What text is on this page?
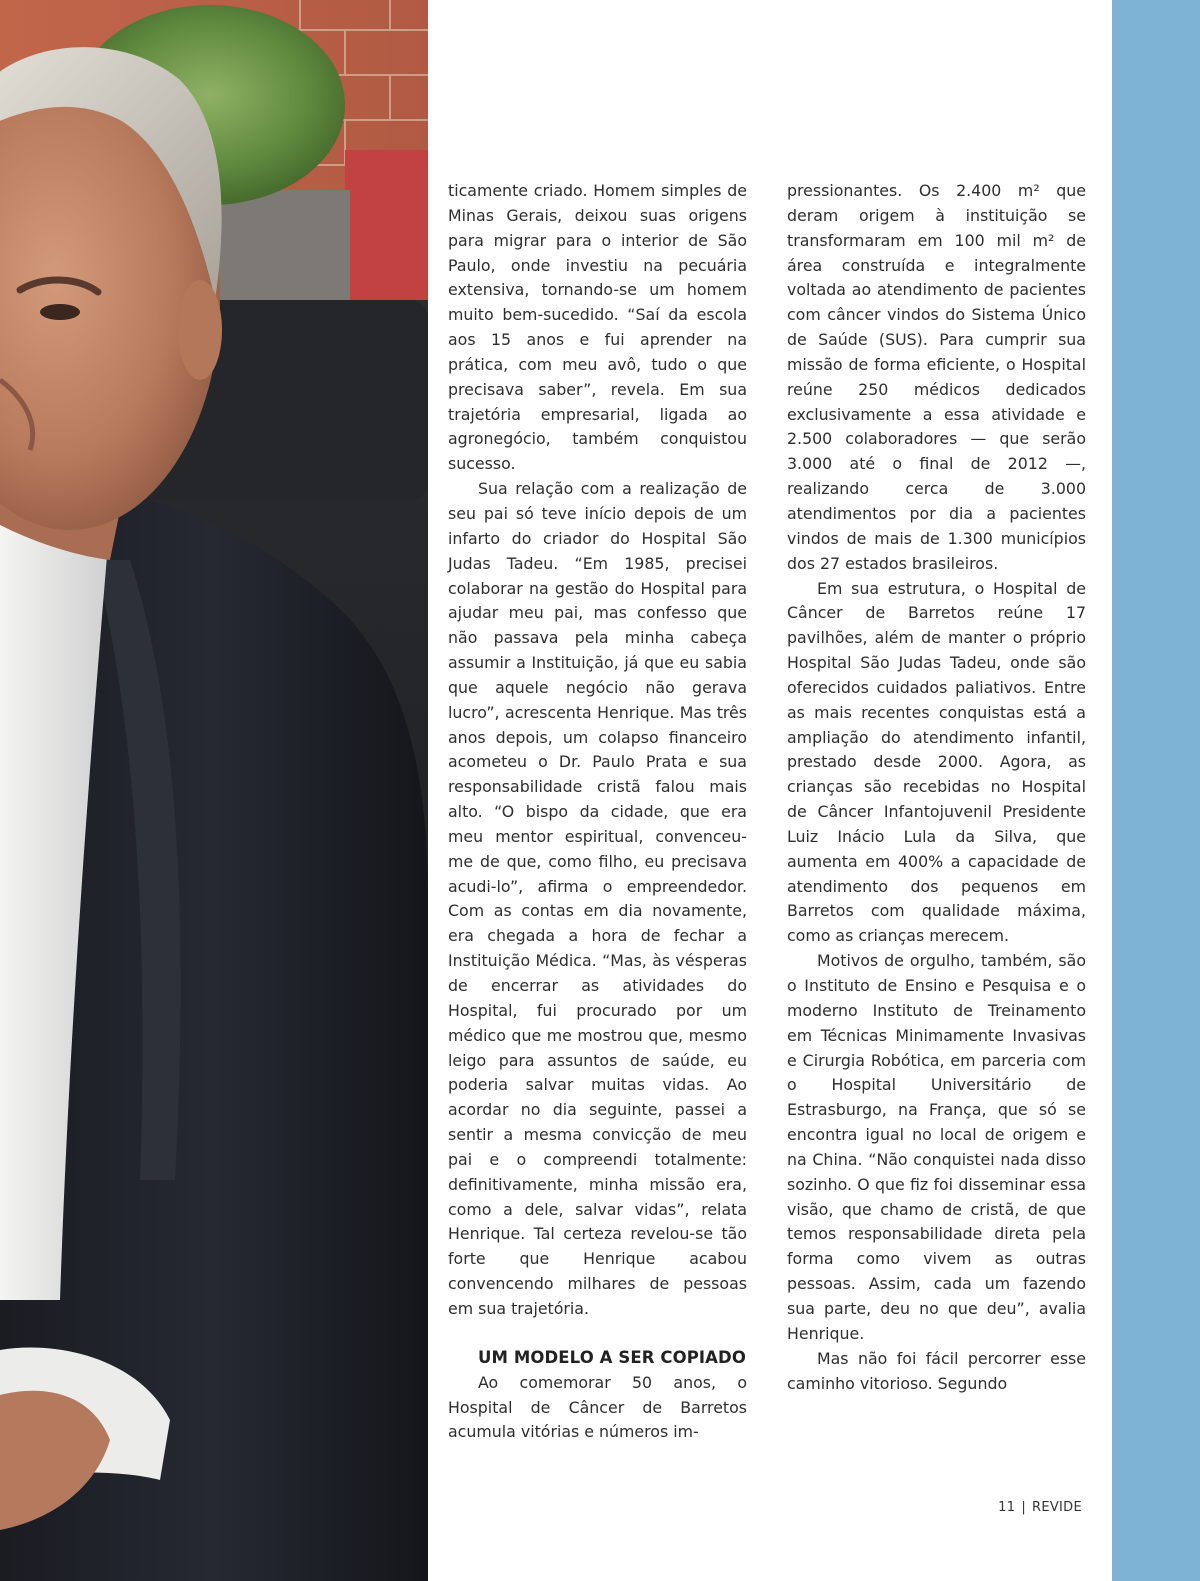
ticamente criado. Homem simples de Minas Gerais, deixou suas origens para migrar para o interior de São Paulo, onde investiu na pecuária extensiva, tornando-se um homem muito bem-sucedido. “Saí da escola aos 15 anos e fui aprender na prática, com meu avô, tudo o que precisava saber”, revela. Em sua trajetória empresarial, ligada ao agronegócio, também conquistou sucesso.

Sua relação com a realização de seu pai só teve início depois de um infarto do criador do Hospital São Judas Tadeu. “Em 1985, precisei colaborar na gestão do Hospital para ajudar meu pai, mas confesso que não passava pela minha cabeça assumir a Instituição, já que eu sabia que aquele negócio não gerava lucro”, acrescenta Henrique. Mas três anos depois, um colapso financeiro acometeu o Dr. Paulo Prata e sua responsabilidade cristã falou mais alto. “O bispo da cidade, que era meu mentor espiritual, convenceu-me de que, como filho, eu precisava acudi-lo”, afirma o empreendedor. Com as contas em dia novamente, era chegada a hora de fechar a Instituição Médica. “Mas, às vésperas de encerrar as atividades do Hospital, fui procurado por um médico que me mostrou que, mesmo leigo para assuntos de saúde, eu poderia salvar muitas vidas. Ao acordar no dia seguinte, passei a sentir a mesma convicção de meu pai e o compreendi totalmente: definitivamente, minha missão era, como a dele, salvar vidas”, relata Henrique. Tal certeza revelou-se tão forte que Henrique acabou convencendo milhares de pessoas em sua trajetória.

UM MODELO A SER COPIADO

Ao comemorar 50 anos, o Hospital de Câncer de Barretos acumula vitórias e números im-

pressionantes. Os 2.400 m² que deram origem à instituição se transformaram em 100 mil m² de área construída e integralmente voltada ao atendimento de pacientes com câncer vindos do Sistema Único de Saúde (SUS). Para cumprir sua missão de forma eficiente, o Hospital reúne 250 médicos dedicados exclusivamente a essa atividade e 2.500 colaboradores — que serão 3.000 até o final de 2012 —, realizando cerca de 3.000 atendimentos por dia a pacientes vindos de mais de 1.300 municípios dos 27 estados brasileiros.

Em sua estrutura, o Hospital de Câncer de Barretos reúne 17 pavilhões, além de manter o próprio Hospital São Judas Tadeu, onde são oferecidos cuidados paliativos. Entre as mais recentes conquistas está a ampliação do atendimento infantil, prestado desde 2000. Agora, as crianças são recebidas no Hospital de Câncer Infantojuvenil Presidente Luiz Inácio Lula da Silva, que aumenta em 400% a capacidade de atendimento dos pequenos em Barretos com qualidade máxima, como as crianças merecem.

Motivos de orgulho, também, são o Instituto de Ensino e Pesquisa e o moderno Instituto de Treinamento em Técnicas Minimamente Invasivas e Cirurgia Robótica, em parceria com o Hospital Universitário de Estrasburgo, na França, que só se encontra igual no local de origem e na China. “Não conquistei nada disso sozinho. O que fiz foi disseminar essa visão, que chamo de cristã, de que temos responsabilidade direta pela forma como vivem as outras pessoas. Assim, cada um fazendo sua parte, deu no que deu”, avalia Henrique.

Mas não foi fácil percorrer esse caminho vitorioso. Segundo

11 | REVIDE
